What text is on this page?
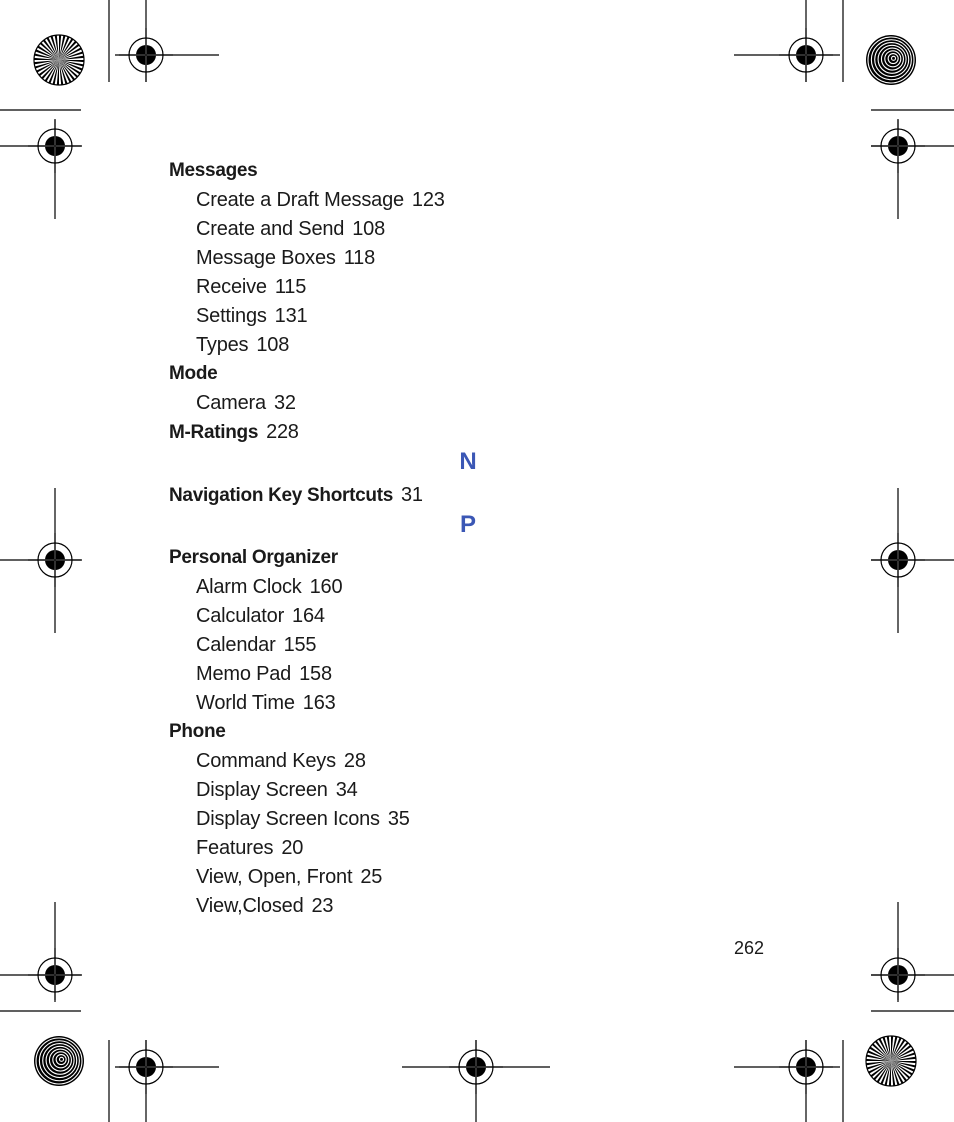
Messages
Create a Draft Message 123
Create and Send 108
Message Boxes 118
Receive 115
Settings 131
Types 108
Mode
Camera 32
M-Ratings 228
N
Navigation Key Shortcuts 31
P
Personal Organizer
Alarm Clock 160
Calculator 164
Calendar 155
Memo Pad 158
World Time 163
Phone
Command Keys 28
Display Screen 34
Display Screen Icons 35
Features 20
View, Open, Front 25
View,Closed 23
262
